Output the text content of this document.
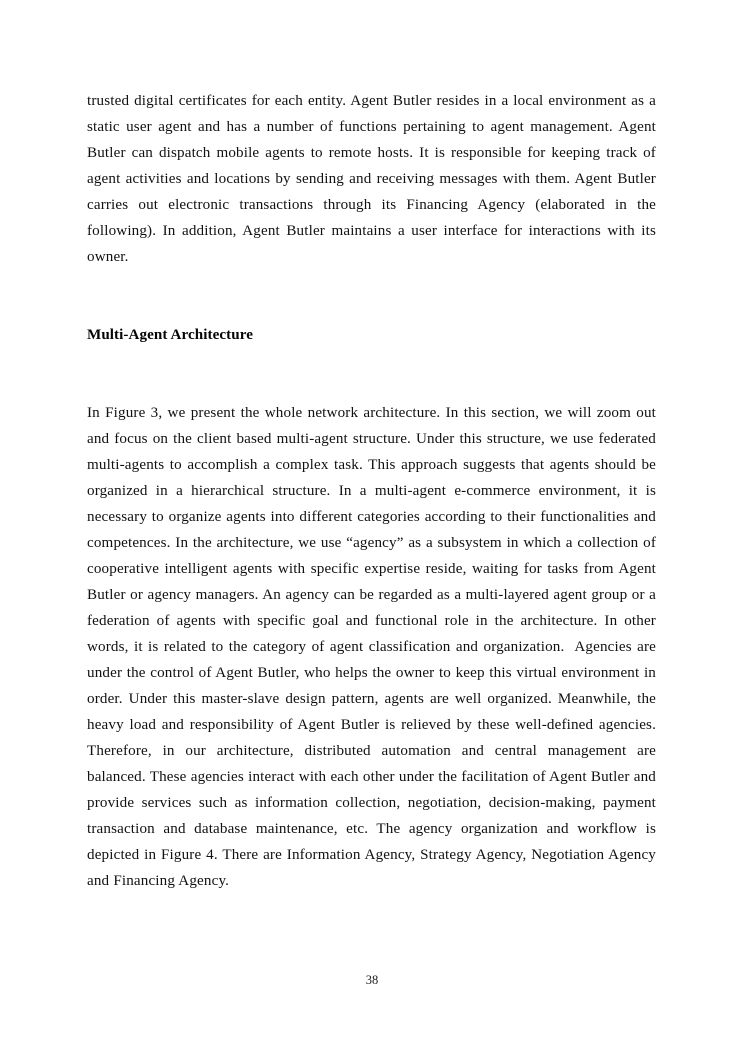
trusted digital certificates for each entity. Agent Butler resides in a local environment as a static user agent and has a number of functions pertaining to agent management. Agent Butler can dispatch mobile agents to remote hosts. It is responsible for keeping track of agent activities and locations by sending and receiving messages with them. Agent Butler carries out electronic transactions through its Financing Agency (elaborated in the following). In addition, Agent Butler maintains a user interface for interactions with its owner.

Multi-Agent Architecture

In Figure 3, we present the whole network architecture. In this section, we will zoom out and focus on the client based multi-agent structure. Under this structure, we use federated multi-agents to accomplish a complex task. This approach suggests that agents should be organized in a hierarchical structure. In a multi-agent e-commerce environment, it is necessary to organize agents into different categories according to their functionalities and competences. In the architecture, we use “agency” as a subsystem in which a collection of cooperative intelligent agents with specific expertise reside, waiting for tasks from Agent Butler or agency managers. An agency can be regarded as a multi-layered agent group or a federation of agents with specific goal and functional role in the architecture. In other words, it is related to the category of agent classification and organization.  Agencies are under the control of Agent Butler, who helps the owner to keep this virtual environment in order. Under this master-slave design pattern, agents are well organized. Meanwhile, the heavy load and responsibility of Agent Butler is relieved by these well-defined agencies. Therefore, in our architecture, distributed automation and central management are balanced. These agencies interact with each other under the facilitation of Agent Butler and provide services such as information collection, negotiation, decision-making, payment transaction and database maintenance, etc. The agency organization and workflow is depicted in Figure 4. There are Information Agency, Strategy Agency, Negotiation Agency and Financing Agency.

38
